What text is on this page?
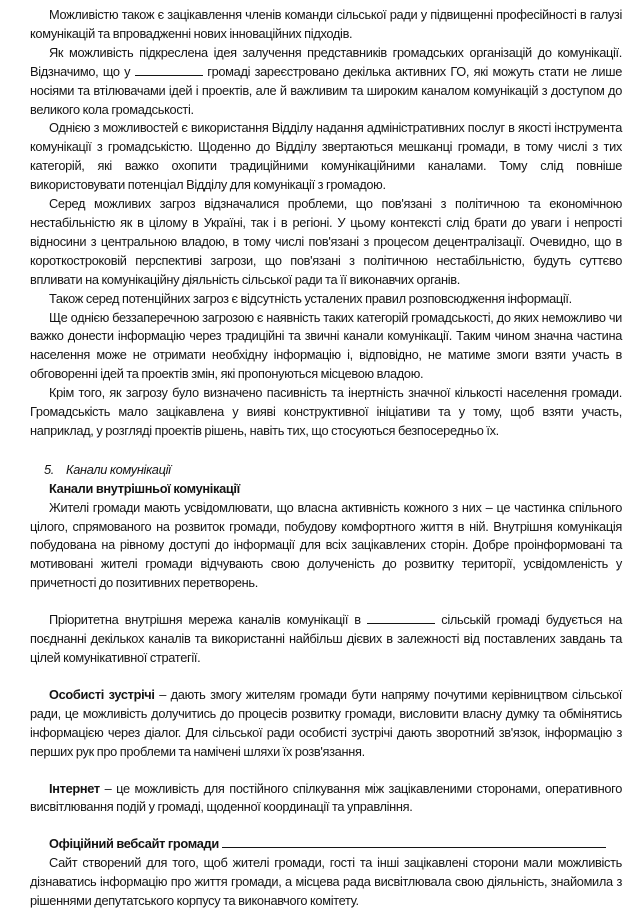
Можливістю також є зацікавлення членів команди сільської ради у підвищенні професійності в галузі комунікацій та впровадженні нових інноваційних підходів.

Як можливість підкреслена ідея залучення представників громадських організацій до комунікації. Відзначимо, що у	громаді зареєстровано декілька активних ГО, які можуть стати не лише носіями та втілювачами ідей і проектів, але й важливим та широким каналом комунікацій з доступом до великого кола громадськості.

Однією з можливостей є використання Відділу надання адміністративних послуг в якості інструмента комунікації з громадськістю. Щоденно до Відділу звертаються мешканці громади, в тому числі з тих категорій, які важко охопити традиційними комунікаційними каналами. Тому слід повніше використовувати потенціал Відділу для комунікації з громадою.

Серед можливих загроз відзначалися проблеми, що пов'язані з політичною та економічною нестабільністю як в цілому в Україні, так і в регіоні. У цьому контексті слід брати до уваги і непрості відносини з центральною владою, в тому числі пов'язані з процесом децентралізації. Очевидно, що в короткостроковій перспективі загрози, що пов'язані з політичною нестабільністю, будуть суттєво впливати на комунікаційну діяльність сільської ради та її виконавчих органів.

Також серед потенційних загроз є відсутність усталених правил розповсюдження інформації.

Ще однією беззаперечною загрозою є наявність таких категорій громадськості, до яких неможливо чи важко донести інформацію через традиційні та звичні канали комунікації. Таким чином значна частина населення може не отримати необхідну інформацію і, відповідно, не матиме змоги взяти участь в обговоренні ідей та проектів змін, які пропонуються місцевою владою.

Крім того, як загрозу було визначено пасивність та інертність значної кількості населення громади. Громадськість мало зацікавлена у вияві конструктивної ініціативи та у тому, щоб взяти участь, наприклад, у розгляді проектів рішень, навіть тих, що стосуються безпосередньо їх.

5. Канали комунікації

Канали внутрішньої комунікації

Жителі громади мають усвідомлювати, що власна активність кожного з них – це частинка спільного цілого, спрямованого на розвиток громади, побудову комфортного життя в ній. Внутрішня комунікація побудована на рівному доступі до інформації для всіх зацікавлених сторін. Добре проінформовані та мотивовані жителі громади відчувають свою долученість до розвитку території, усвідомленість у причетності до позитивних перетворень.

Пріоритетна внутрішня мережа каналів комунікації в	сільській громаді будується на поєднанні декількох каналів та використанні найбільш дієвих в залежності від поставлених завдань та цілей комунікативної стратегії.

Особисті зустрічі – дають змогу жителям громади бути напряму почутими керівництвом сільської ради, це можливість долучитись до процесів розвитку громади, висловити власну думку та обмінятись інформацією через діалог. Для сільської ради особисті зустрічі дають зворотний зв'язок, інформацію з перших рук про проблеми та намічені шляхи їх розв'язання.

Інтернет – це можливість для постійного спілкування між зацікавленими сторонами, оперативного висвітлювання подій у громаді, щоденної координації та управління.

Офіційний вебсайт громади

Сайт створений для того, щоб жителі громади, гості та інші зацікавлені сторони мали можливість дізнаватись інформацію про життя громади, а місцева рада висвітлювала свою діяльність, знайомила з рішеннями депутатського корпусу та виконавчого комітету.
